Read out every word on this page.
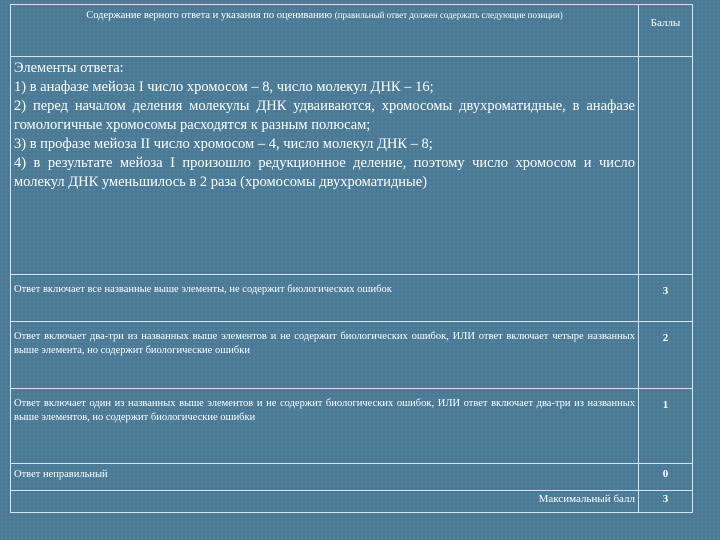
Содержание верного ответа и указания по оцениванию (правильный ответ должен содержать следующие позиции)	Баллы

Элементы ответа:
1) в анафазе мейоза I число хромосом – 8, число молекул ДНК – 16;
2) перед началом деления молекулы ДНК удваиваются, хромосомы двухроматидные, в анафазе гомологичные хромосомы расходятся к разным полюсам;
3) в профазе мейоза II число хромосом – 4, число молекул ДНК – 8;
4) в результате мейоза I произошло редукционное деление, поэтому число хромосом и число молекул ДНК уменьшилось в 2 раза (хромосомы двухроматидные)	

Ответ включает все названные выше элементы, не содержит биологических ошибок	3
Ответ включает два-три из названных выше элементов и не содержит биологических ошибок, ИЛИ ответ включает четыре названных выше элемента, но содержит биологические ошибки	2
Ответ включает один из названных выше элементов и не содержит биологических ошибок, ИЛИ ответ включает два-три из названных выше элементов, но содержит биологические ошибки	1
Ответ неправильный	0
Максимальный балл	3
